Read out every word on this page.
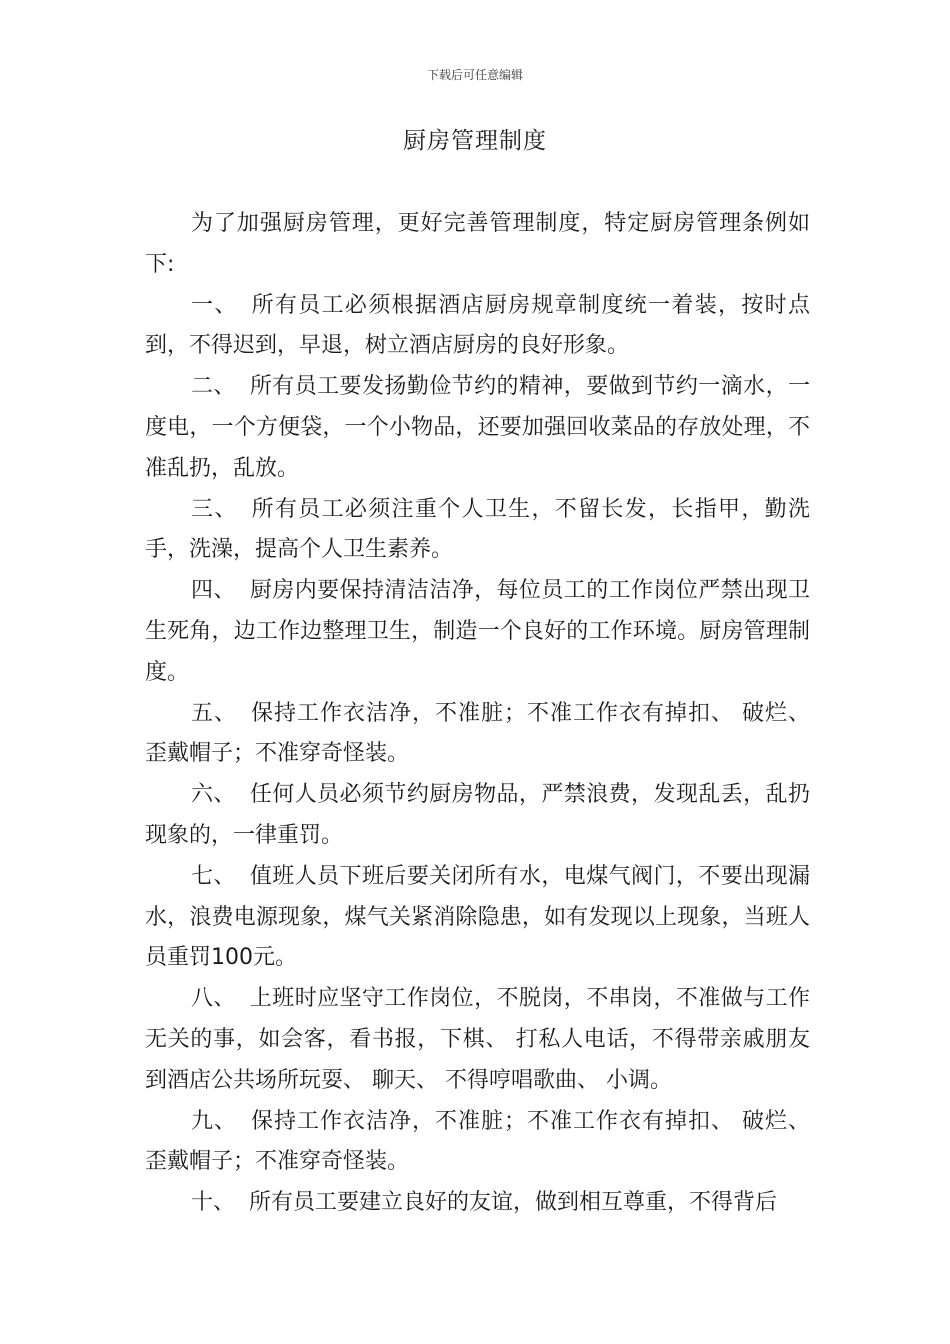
下载后可任意编辑
厨房管理制度

为了加强厨房管理，更好完善管理制度，特定厨房管理条例如下:

一、 所有员工必须根据酒店厨房规章制度统一着装，按时点到，不得迟到，早退，树立酒店厨房的良好形象。

二、 所有员工要发扬勤俭节约的精神，要做到节约一滴水，一度电，一个方便袋，一个小物品，还要加强回收菜品的存放处理，不准乱扔，乱放。

三、 所有员工必须注重个人卫生，不留长发，长指甲，勤洗手，洗澡，提高个人卫生素养。

四、 厨房内要保持清洁洁净，每位员工的工作岗位严禁出现卫生死角，边工作边整理卫生，制造一个良好的工作环境。厨房管理制度。

五、 保持工作衣洁净，不准脏；不准工作衣有掉扣、 破烂、 歪戴帽子；不准穿奇怪装。

六、 任何人员必须节约厨房物品，严禁浪费，发现乱丢，乱扔现象的，一律重罚。

七、 值班人员下班后要关闭所有水，电煤气阀门，不要出现漏水，浪费电源现象，煤气关紧消除隐患，如有发现以上现象，当班人员重罚100元。

八、 上班时应坚守工作岗位，不脱岗，不串岗，不准做与工作无关的事，如会客，看书报，下棋、 打私人电话，不得带亲戚朋友到酒店公共场所玩耍、 聊天、 不得哼唱歌曲、 小调。

九、 保持工作衣洁净，不准脏；不准工作衣有掉扣、 破烂、 歪戴帽子；不准穿奇怪装。

十、 所有员工要建立良好的友谊，做到相互尊重，不得背后
